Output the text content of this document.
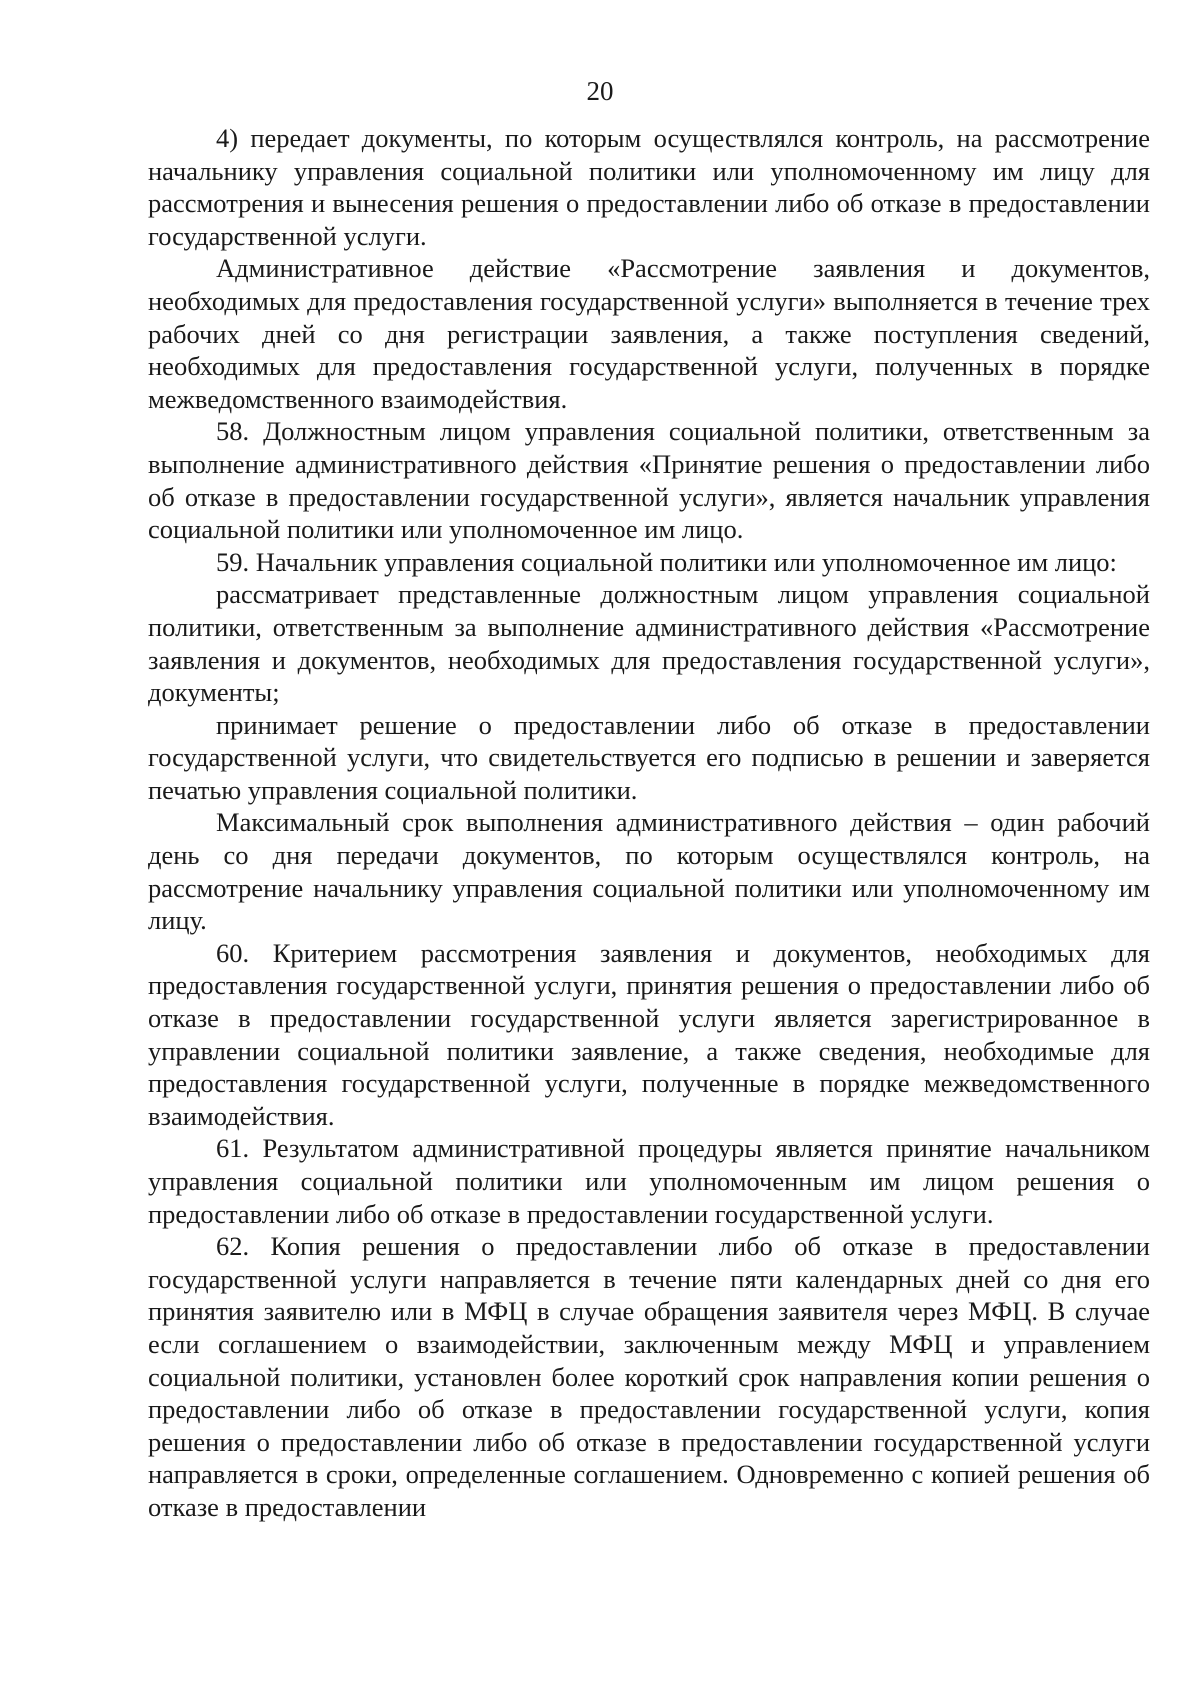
20

4) передает документы, по которым осуществлялся контроль, на рассмотрение начальнику управления социальной политики или уполномоченному им лицу для рассмотрения и вынесения решения о предоставлении либо об отказе в предоставлении государственной услуги.

Административное действие «Рассмотрение заявления и документов, необходимых для предоставления государственной услуги» выполняется в течение трех рабочих дней со дня регистрации заявления, а также поступления сведений, необходимых для предоставления государственной услуги, полученных в порядке межведомственного взаимодействия.

58. Должностным лицом управления социальной политики, ответственным за выполнение административного действия «Принятие решения о предоставлении либо об отказе в предоставлении государственной услуги», является начальник управления социальной политики или уполномоченное им лицо.

59. Начальник управления социальной политики или уполномоченное им лицо:

рассматривает представленные должностным лицом управления социальной политики, ответственным за выполнение административного действия «Рассмотрение заявления и документов, необходимых для предоставления государственной услуги», документы;

принимает решение о предоставлении либо об отказе в предоставлении государственной услуги, что свидетельствуется его подписью в решении и заверяется печатью управления социальной политики.

Максимальный срок выполнения административного действия – один рабочий день со дня передачи документов, по которым осуществлялся контроль, на рассмотрение начальнику управления социальной политики или уполномоченному им лицу.

60. Критерием рассмотрения заявления и документов, необходимых для предоставления государственной услуги, принятия решения о предоставлении либо об отказе в предоставлении государственной услуги является зарегистрированное в управлении социальной политики заявление, а также сведения, необходимые для предоставления государственной услуги, полученные в порядке межведомственного взаимодействия.

61. Результатом административной процедуры является принятие начальником управления социальной политики или уполномоченным им лицом решения о предоставлении либо об отказе в предоставлении государственной услуги.

62. Копия решения о предоставлении либо об отказе в предоставлении государственной услуги направляется в течение пяти календарных дней со дня его принятия заявителю или в МФЦ в случае обращения заявителя через МФЦ. В случае если соглашением о взаимодействии, заключенным между МФЦ и управлением социальной политики, установлен более короткий срок направления копии решения о предоставлении либо об отказе в предоставлении государственной услуги, копия решения о предоставлении либо об отказе в предоставлении государственной услуги направляется в сроки, определенные соглашением. Одновременно с копией решения об отказе в предоставлении
